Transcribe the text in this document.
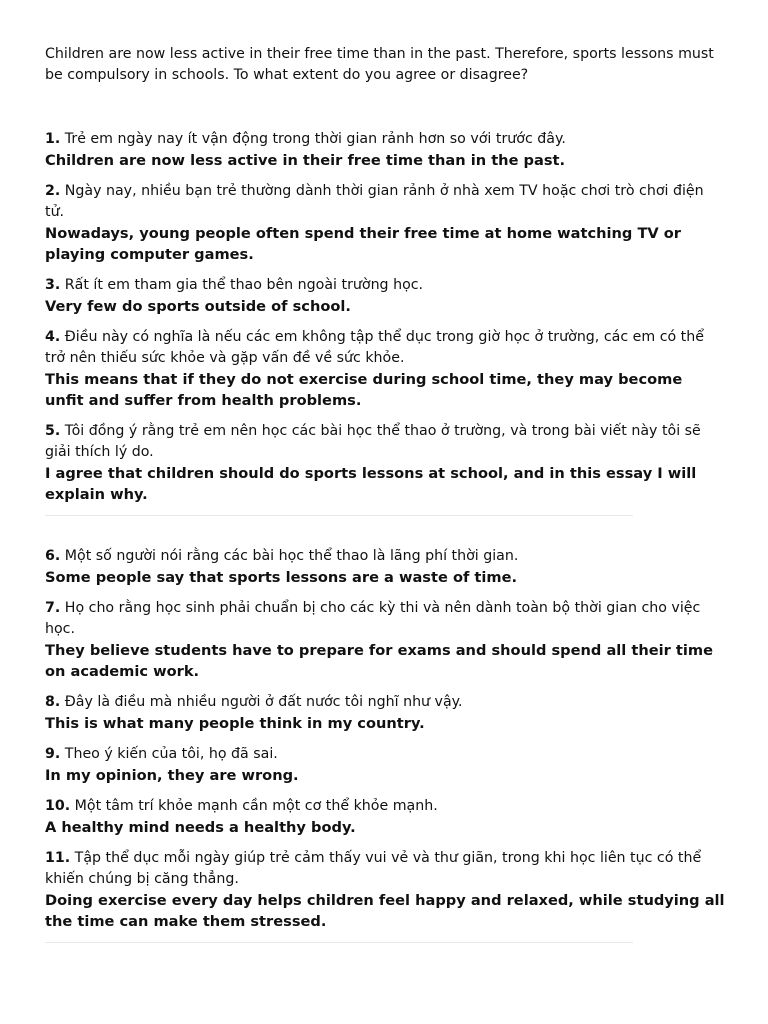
Children are now less active in their free time than in the past. Therefore, sports lessons must be compulsory in schools. To what extent do you agree or disagree?

1. Trẻ em ngày nay ít vận động trong thời gian rảnh hơn so với trước đây.

Children are now less active in their free time than in the past.

2. Ngày nay, nhiều bạn trẻ thường dành thời gian rảnh ở nhà xem TV hoặc chơi trò chơi điện tử.

Nowadays, young people often spend their free time at home watching TV or playing computer games.

3. Rất ít em tham gia thể thao bên ngoài trường học.

Very few do sports outside of school.

4. Điều này có nghĩa là nếu các em không tập thể dục trong giờ học ở trường, các em có thể trở nên thiếu sức khỏe và gặp vấn đề về sức khỏe.

This means that if they do not exercise during school time, they may become unfit and suffer from health problems.

5. Tôi đồng ý rằng trẻ em nên học các bài học thể thao ở trường, và trong bài viết này tôi sẽ giải thích lý do.

I agree that children should do sports lessons at school, and in this essay I will explain why.

6. Một số người nói rằng các bài học thể thao là lãng phí thời gian.

Some people say that sports lessons are a waste of time.

7. Họ cho rằng học sinh phải chuẩn bị cho các kỳ thi và nên dành toàn bộ thời gian cho việc học.

They believe students have to prepare for exams and should spend all their time on academic work.

8. Đây là điều mà nhiều người ở đất nước tôi nghĩ như vậy.

This is what many people think in my country.

9. Theo ý kiến của tôi, họ đã sai.

In my opinion, they are wrong.

10. Một tâm trí khỏe mạnh cần một cơ thể khỏe mạnh.

A healthy mind needs a healthy body.

11. Tập thể dục mỗi ngày giúp trẻ cảm thấy vui vẻ và thư giãn, trong khi học liên tục có thể khiến chúng bị căng thẳng.

Doing exercise every day helps children feel happy and relaxed, while studying all the time can make them stressed.
